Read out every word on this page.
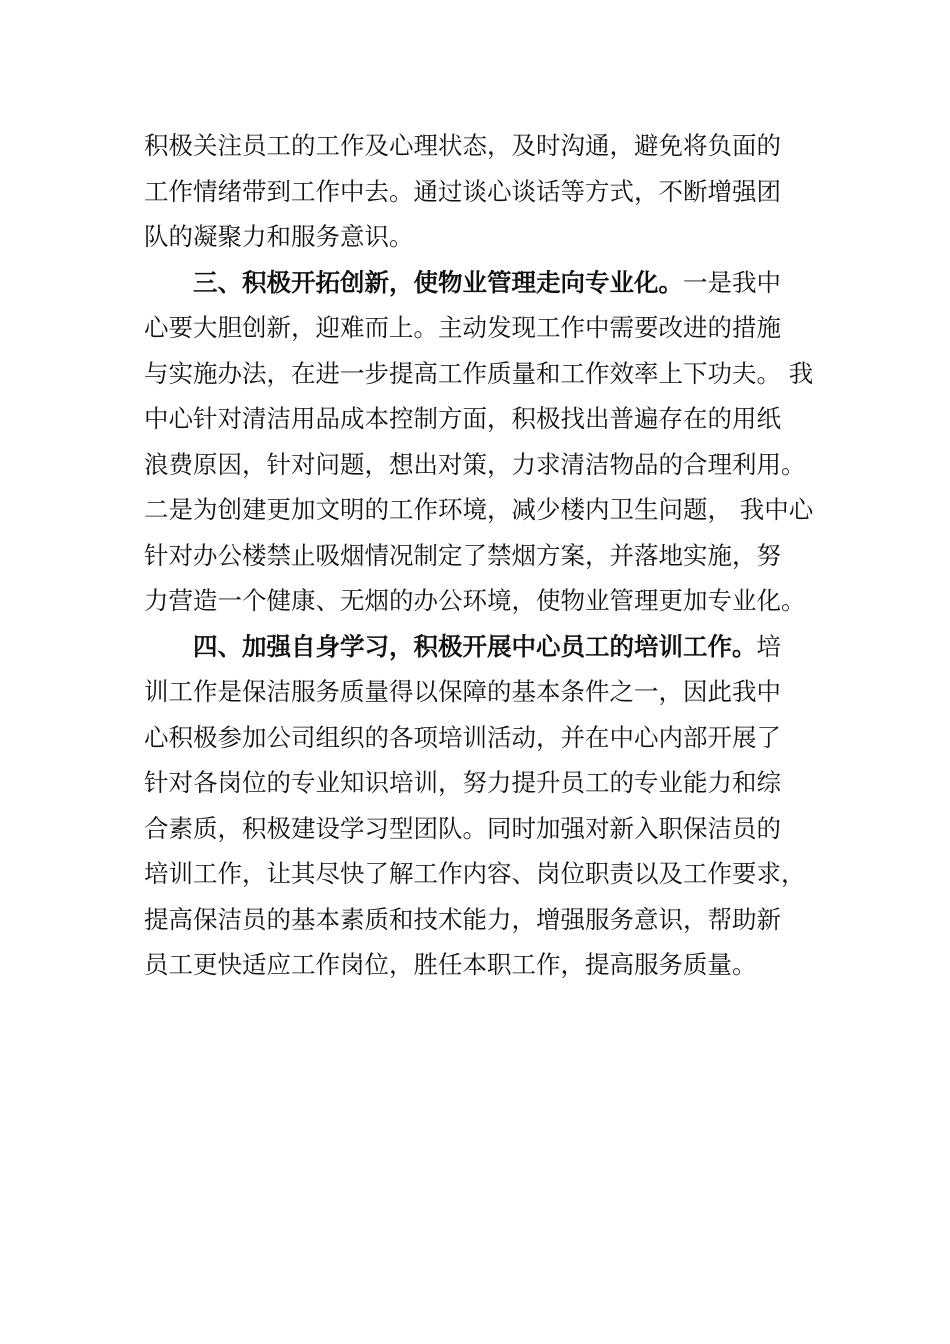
积极关注员工的工作及心理状态，及时沟通，避免将负面的
工作情绪带到工作中去。通过谈心谈话等方式，不断增强团
队的凝聚力和服务意识。
三、积极开拓创新，使物业管理走向专业化。一是我中
心要大胆创新，迎难而上。主动发现工作中需要改进的措施
与实施办法，在进一步提高工作质量和工作效率上下功夫。 我
中心针对清洁用品成本控制方面，积极找出普遍存在的用纸
浪费原因，针对问题，想出对策，力求清洁物品的合理利用。
二是为创建更加文明的工作环境，减少楼内卫生问题， 我中心
针对办公楼禁止吸烟情况制定了禁烟方案，并落地实施，努
力营造一个健康、无烟的办公环境，使物业管理更加专业化。
四、加强自身学习，积极开展中心员工的培训工作。培
训工作是保洁服务质量得以保障的基本条件之一，因此我中
心积极参加公司组织的各项培训活动，并在中心内部开展了
针对各岗位的专业知识培训，努力提升员工的专业能力和综
合素质，积极建设学习型团队。同时加强对新入职保洁员的
培训工作，让其尽快了解工作内容、岗位职责以及工作要求，
提高保洁员的基本素质和技术能力，增强服务意识，帮助新
员工更快适应工作岗位，胜任本职工作，提高服务质量。
